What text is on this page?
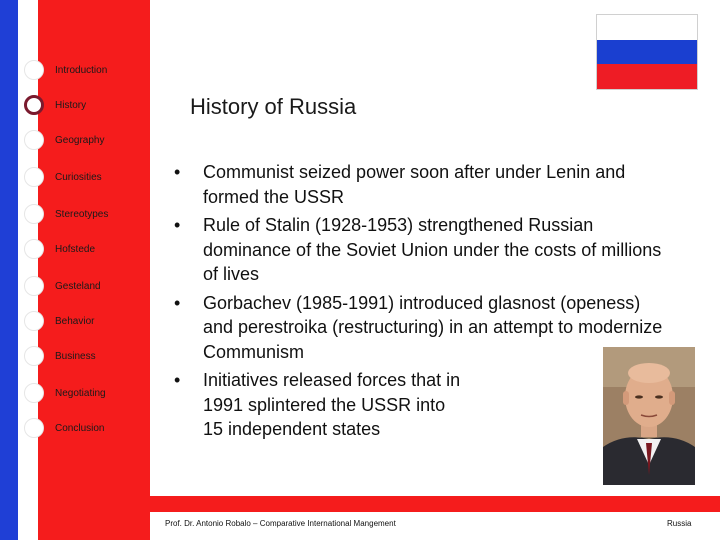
Introduction
History
Geography
Curiosities
Stereotypes
Hofstede
Gesteland
Behavior
Business
Negotiating
Conclusion
History of Russia
• Communist seized power soon after under Lenin and formed the USSR
• Rule of Stalin (1928-1953) strengthened Russian dominance of the Soviet Union under the costs of millions of lives
• Gorbachev (1985-1991) introduced glasnost (openess) and perestroika (restructuring) in an attempt to modernize Communism
• Initiatives released forces that in 1991 splintered the USSR into 15 independent states
Prof. Dr. Antonio Robalo – Comparative International Mangement	Russia
